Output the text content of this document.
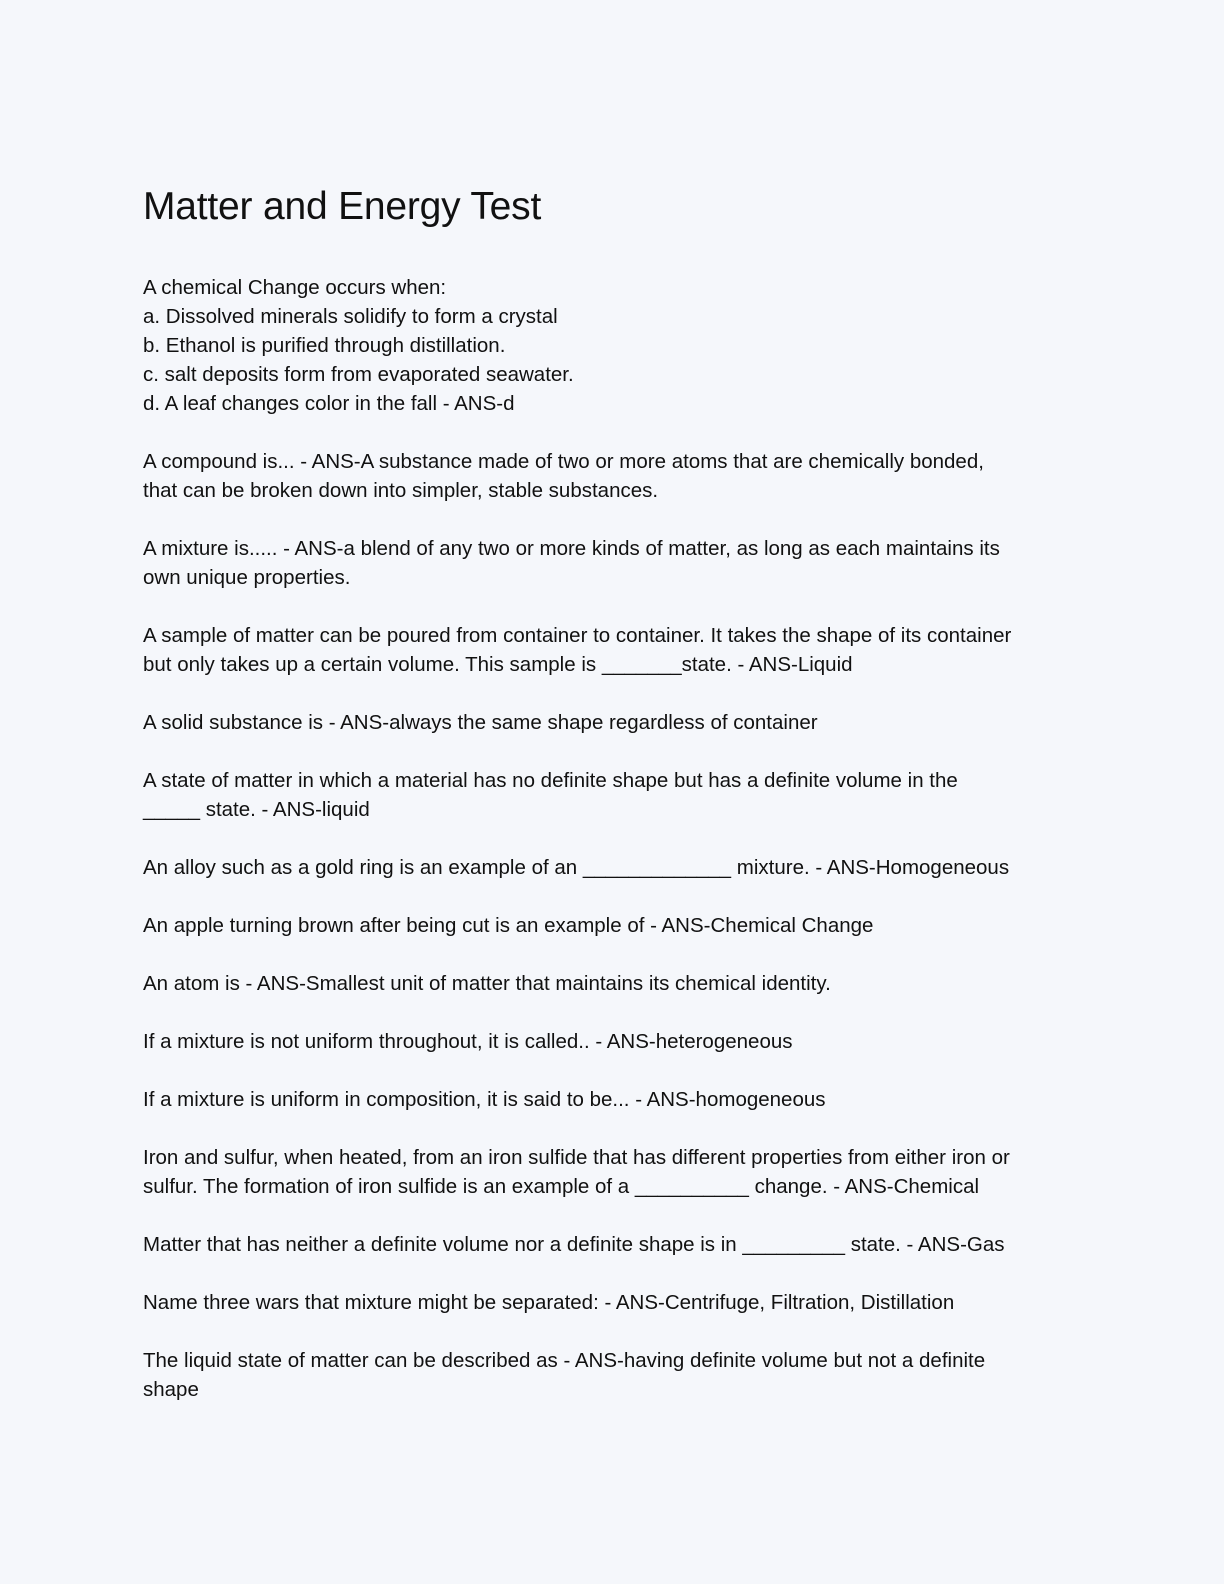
Matter and Energy Test

A chemical Change occurs when:
a. Dissolved minerals solidify to form a crystal
b. Ethanol is purified through distillation.
c. salt deposits form from evaporated seawater.
d. A leaf changes color in the fall - ANS-d

A compound is... - ANS-A substance made of two or more atoms that are chemically bonded,
that can be broken down into simpler, stable substances.

A mixture is..... - ANS-a blend of any two or more kinds of matter, as long as each maintains its
own unique properties.

A sample of matter can be poured from container to container. It takes the shape of its container
but only takes up a certain volume. This sample is _______state. - ANS-Liquid

A solid substance is - ANS-always the same shape regardless of container

A state of matter in which a material has no definite shape but has a definite volume in the
_____ state. - ANS-liquid

An alloy such as a gold ring is an example of an _____________ mixture. - ANS-Homogeneous

An apple turning brown after being cut is an example of - ANS-Chemical Change

An atom is - ANS-Smallest unit of matter that maintains its chemical identity.

If a mixture is not uniform throughout, it is called.. - ANS-heterogeneous

If a mixture is uniform in composition, it is said to be... - ANS-homogeneous

Iron and sulfur, when heated, from an iron sulfide that has different properties from either iron or
sulfur. The formation of iron sulfide is an example of a __________ change. - ANS-Chemical

Matter that has neither a definite volume nor a definite shape is in _________ state. - ANS-Gas

Name three wars that mixture might be separated: - ANS-Centrifuge, Filtration, Distillation

The liquid state of matter can be described as - ANS-having definite volume but not a definite
shape
